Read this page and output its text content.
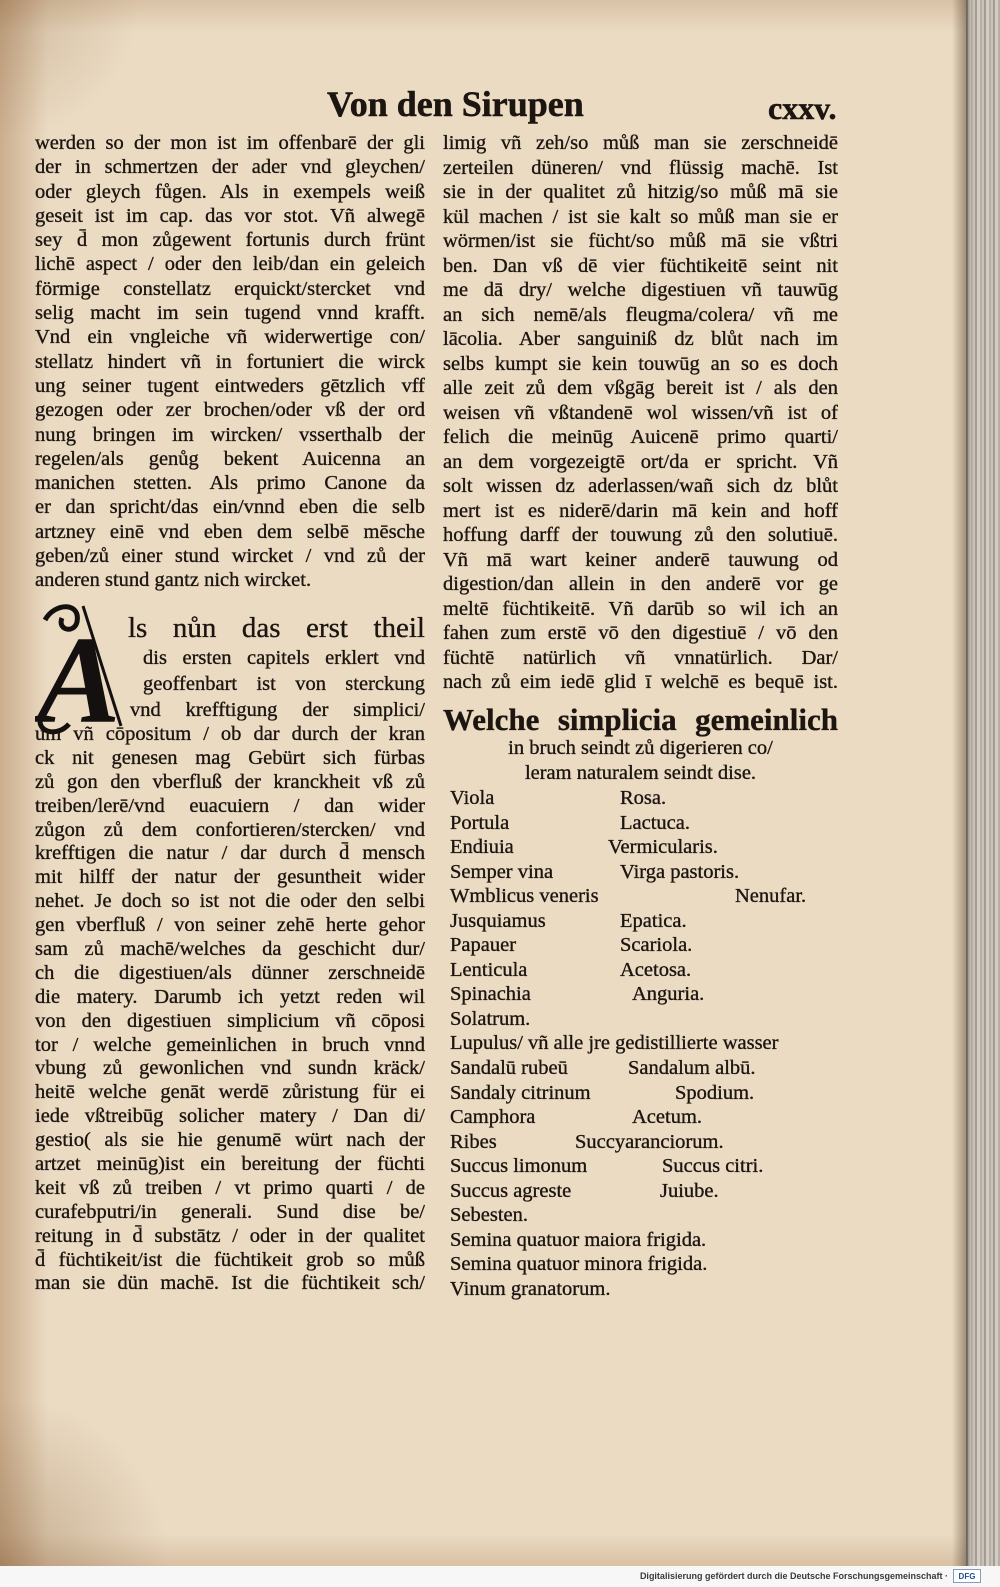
Von den Sirupen	cxxv.
werden so der mon ist im offenbarē der gli
der in schmertzen der ader vnd gleychen/
oder gleych fůgen. Als in exempels weiß
geseit ist im cap. das vor stot. Vñ alwegē
sey d̄ mon zůgewent fortunis durch frünt
lichē aspect / oder den leib/dan ein geleich
förmige constellatz erquickt/stercket vnd
selig macht im sein tugend vnnd krafft.
Vnd ein vngleiche vñ widerwertige con/
stellatz hindert vñ in fortuniert die wirck
ung seiner tugent eintweders gētzlich vff
gezogen oder zer brochen/oder vß der ord
nung bringen im wircken/ vsserthalb der
regelen/als genůg bekent Auicenna an
manichen stetten. Als primo Canone da
er dan spricht/das ein/vnnd eben die selb
artzney einē vnd eben dem selbē mēsche
geben/zů einer stund wircket / vnd zů der
anderen stund gantz nich wircket.
A ls nůn das erst theil
dis ersten capitels erklert vnd
geoffenbart ist von sterckung
vnd krefftigung der simplici/
um vñ cōpositum / ob dar durch der kran
ck nit genesen mag Gebürt sich fürbas
zů gon den vberfluß der kranckheit vß zů
treiben/lerē/vnd euacuiern / dan wider
zůgon zů dem confortieren/stercken/ vnd
krefftigen die natur / dar durch d̄ mensch
mit hilff der natur der gesuntheit wider
nehet. Je doch so ist not die oder den selbi
gen vberfluß / von seiner zehē herte gehor
sam zů machē/welches da geschicht dur/
ch die digestiuen/als dünner zerschneidē
die matery. Darumb ich yetzt reden wil
von den digestiuen simplicium vñ cōposi
tor / welche gemeinlichen in bruch vnnd
vbung zů gewonlichen vnd sundn kräck/
heitē welche genāt werdē zůristung für ei
iede vßtreibūg solicher matery / Dan di/
gestio( als sie hie genumē würt nach der
artzet meinūg)ist ein bereitung der füchti
keit vß zů treiben / vt primo quarti / de
curafebputri/in generali. Sund dise be/
reitung in d̄ substātz / oder in der qualitet
d̄ füchtikeit/ist die füchtikeit grob so můß
man sie dün machē. Ist die füchtikeit sch/
limig vñ zeh/so můß man sie zerschneidē
zerteilen düneren/ vnd flüssig machē. Ist
sie in der qualitet zů hitzig/so můß mā sie
kül machen / ist sie kalt so můß man sie er
wörmen/ist sie fücht/so můß mā sie vßtri
ben. Dan vß dē vier füchtikeitē seint nit
me dā dry/ welche digestiuen vñ tauwūg
an sich nemē/als fleugma/colera/ vñ me
lācolia. Aber sanguiniß dz blůt nach im
selbs kumpt sie kein touwūg an so es doch
alle zeit zů dem vßgāg bereit ist / als den
weisen vñ vßtandenē wol wissen/vñ ist of
felich die meinūg Auicenē primo quarti/
an dem vorgezeigtē ort/da er spricht. Vñ
solt wissen dz aderlassen/wañ sich dz blůt
mert ist es niderē/darin mā kein and hoff
hoffung darff der touwung zů den solutiuē.
Vñ mā wart keiner anderē tauwung od
digestion/dan allein in den anderē vor ge
meltē füchtikeitē. Vñ darūb so wil ich an
fahen zum erstē vō den digestiuē / vō den
füchtē natürlich vñ vnnatürlich. Dar/
nach zů eim iedē glid ī welchē es bequē ist.
Welche simplicia gemeinlich
in bruch seindt zů digerieren co/
leram naturalem seindt dise.
Viola	Rosa.
Portula	Lactuca.
Endiuia	Vermicularis.
Semper vina	Virga pastoris.
Wmblicus veneris	Nenufar.
Jusquiamus	Epatica.
Papauer	Scariola.
Lenticula	Acetosa.
Spinachia	Anguria.
Solatrum.
Lupulus/ vñ alle jre gedistillierte wasser
Sandalū rubeū	Sandalum albū.
Sandaly citrinum	Spodium.
Camphora	Acetum.
Ribes	Succyaranciorum.
Succus limonum	Succus citri.
Succus agreste	Juiube.
Sebesten.
Semina quatuor maiora frigida.
Semina quatuor minora frigida.
Vinum granatorum.
Digitalisierung gefördert durch die Deutsche Forschungsgemeinschaft ·	DFG
